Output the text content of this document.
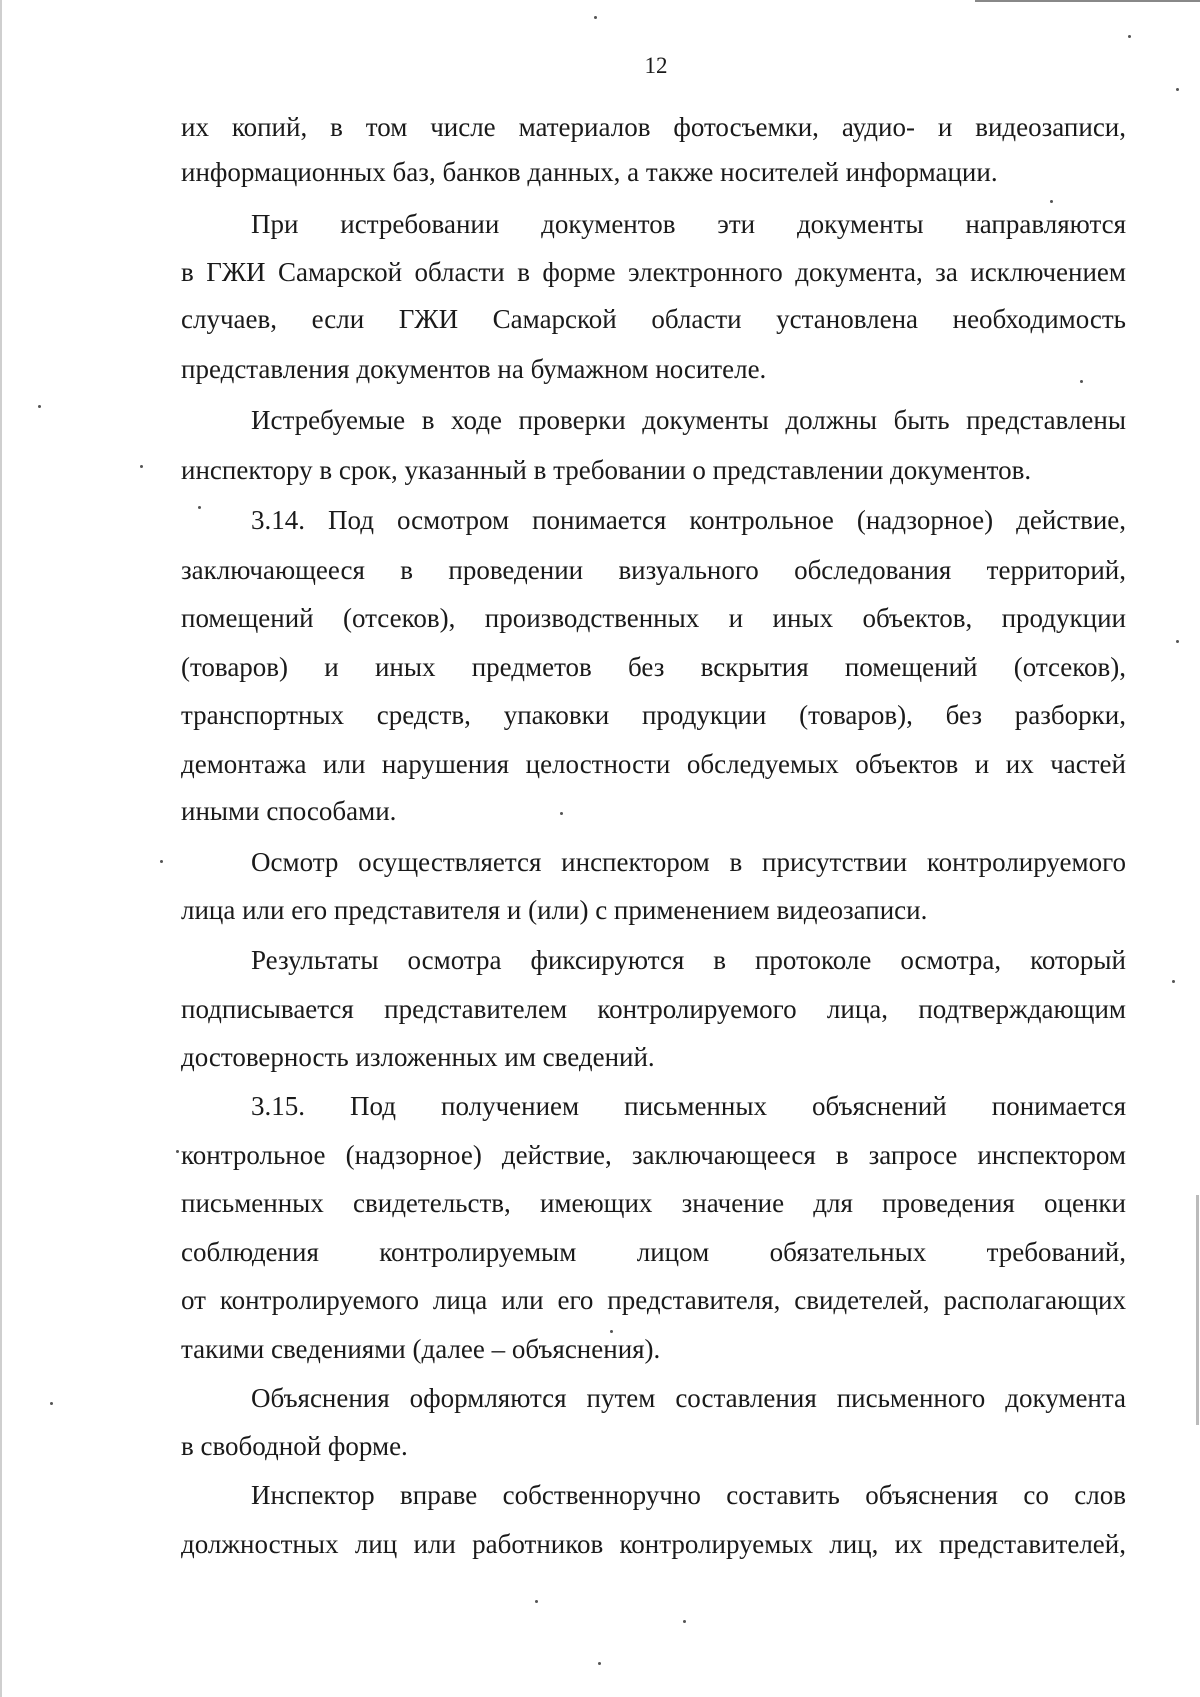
12
их копий, в том числе материалов фотосъемки, аудио- и видеозаписи,
информационных баз, банков данных, а также носителей информации.
При истребовании документов эти документы направляются
в ГЖИ Самарской области в форме электронного документа, за исключением
случаев, если ГЖИ Самарской области установлена необходимость
представления документов на бумажном носителе.
Истребуемые в ходе проверки документы должны быть представлены
инспектору в срок, указанный в требовании о представлении документов.
3.14. Под осмотром понимается контрольное (надзорное) действие,
заключающееся в проведении визуального обследования территорий,
помещений (отсеков), производственных и иных объектов, продукции
(товаров) и иных предметов без вскрытия помещений (отсеков),
транспортных средств, упаковки продукции (товаров), без разборки,
демонтажа или нарушения целостности обследуемых объектов и их частей
иными способами.
Осмотр осуществляется инспектором в присутствии контролируемого
лица или его представителя и (или) с применением видеозаписи.
Результаты осмотра фиксируются в протоколе осмотра, который
подписывается представителем контролируемого лица, подтверждающим
достоверность изложенных им сведений.
3.15. Под получением письменных объяснений понимается
контрольное (надзорное) действие, заключающееся в запросе инспектором
письменных свидетельств, имеющих значение для проведения оценки
соблюдения контролируемым лицом обязательных требований,
от контролируемого лица или его представителя, свидетелей, располагающих
такими сведениями (далее – объяснения).
Объяснения оформляются путем составления письменного документа
в свободной форме.
Инспектор вправе собственноручно составить объяснения со слов
должностных лиц или работников контролируемых лиц, их представителей,
